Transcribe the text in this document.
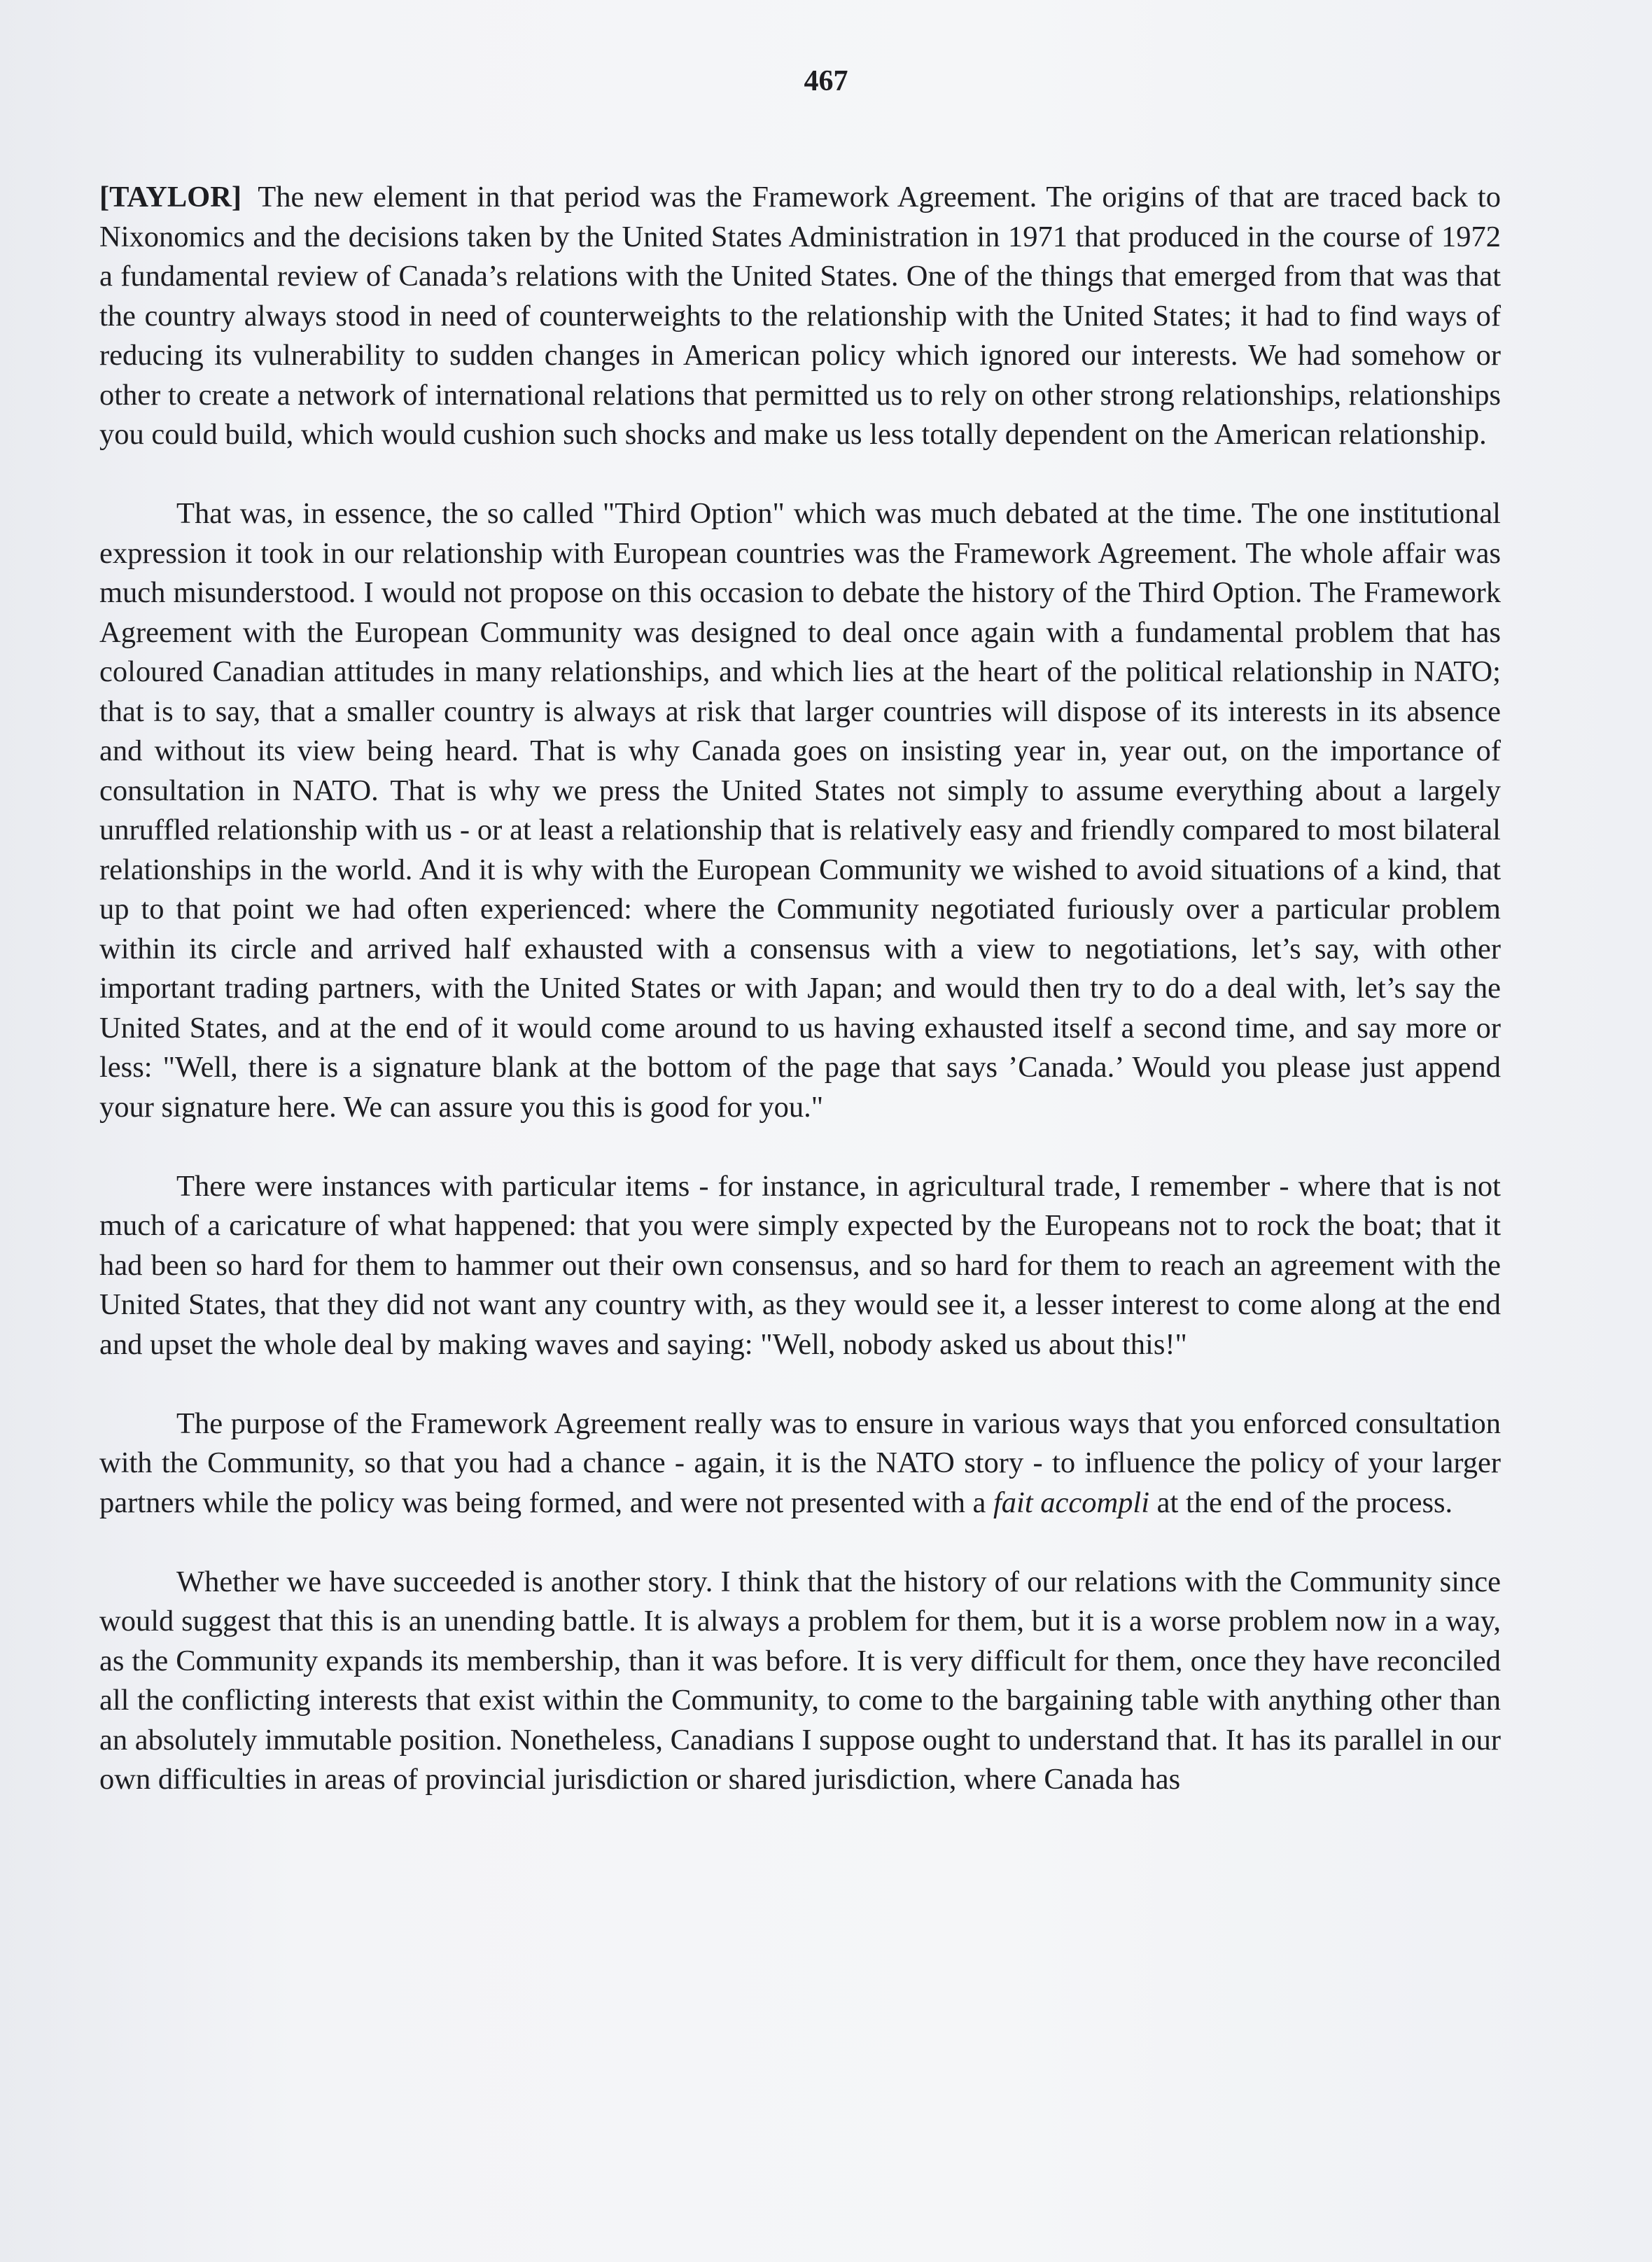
467

[TAYLOR] The new element in that period was the Framework Agreement. The origins of that are traced back to Nixonomics and the decisions taken by the United States Administration in 1971 that produced in the course of 1972 a fundamental review of Canada’s relations with the United States. One of the things that emerged from that was that the country always stood in need of counterweights to the relationship with the United States; it had to find ways of reducing its vulnerability to sudden changes in American policy which ignored our interests. We had somehow or other to create a network of international relations that permitted us to rely on other strong relationships, relationships you could build, which would cushion such shocks and make us less totally dependent on the American relationship.

That was, in essence, the so called "Third Option" which was much debated at the time. The one institutional expression it took in our relationship with European countries was the Framework Agreement. The whole affair was much misunderstood. I would not propose on this occasion to debate the history of the Third Option. The Framework Agreement with the European Community was designed to deal once again with a fundamental problem that has coloured Canadian attitudes in many relationships, and which lies at the heart of the political relationship in NATO; that is to say, that a smaller country is always at risk that larger countries will dispose of its interests in its absence and without its view being heard. That is why Canada goes on insisting year in, year out, on the importance of consultation in NATO. That is why we press the United States not simply to assume everything about a largely unruffled relationship with us - or at least a relationship that is relatively easy and friendly compared to most bilateral relationships in the world. And it is why with the European Community we wished to avoid situations of a kind, that up to that point we had often experienced: where the Community negotiated furiously over a particular problem within its circle and arrived half exhausted with a consensus with a view to negotiations, let’s say, with other important trading partners, with the United States or with Japan; and would then try to do a deal with, let’s say the United States, and at the end of it would come around to us having exhausted itself a second time, and say more or less: "Well, there is a signature blank at the bottom of the page that says ’Canada.’ Would you please just append your signature here. We can assure you this is good for you."

There were instances with particular items - for instance, in agricultural trade, I remember - where that is not much of a caricature of what happened: that you were simply expected by the Europeans not to rock the boat; that it had been so hard for them to hammer out their own consensus, and so hard for them to reach an agreement with the United States, that they did not want any country with, as they would see it, a lesser interest to come along at the end and upset the whole deal by making waves and saying: "Well, nobody asked us about this!"

The purpose of the Framework Agreement really was to ensure in various ways that you enforced consultation with the Community, so that you had a chance - again, it is the NATO story - to influence the policy of your larger partners while the policy was being formed, and were not presented with a fait accompli at the end of the process.

Whether we have succeeded is another story. I think that the history of our relations with the Community since would suggest that this is an unending battle. It is always a problem for them, but it is a worse problem now in a way, as the Community expands its membership, than it was before. It is very difficult for them, once they have reconciled all the conflicting interests that exist within the Community, to come to the bargaining table with anything other than an absolutely immutable position. Nonetheless, Canadians I suppose ought to understand that. It has its parallel in our own difficulties in areas of provincial jurisdiction or shared jurisdiction, where Canada has
